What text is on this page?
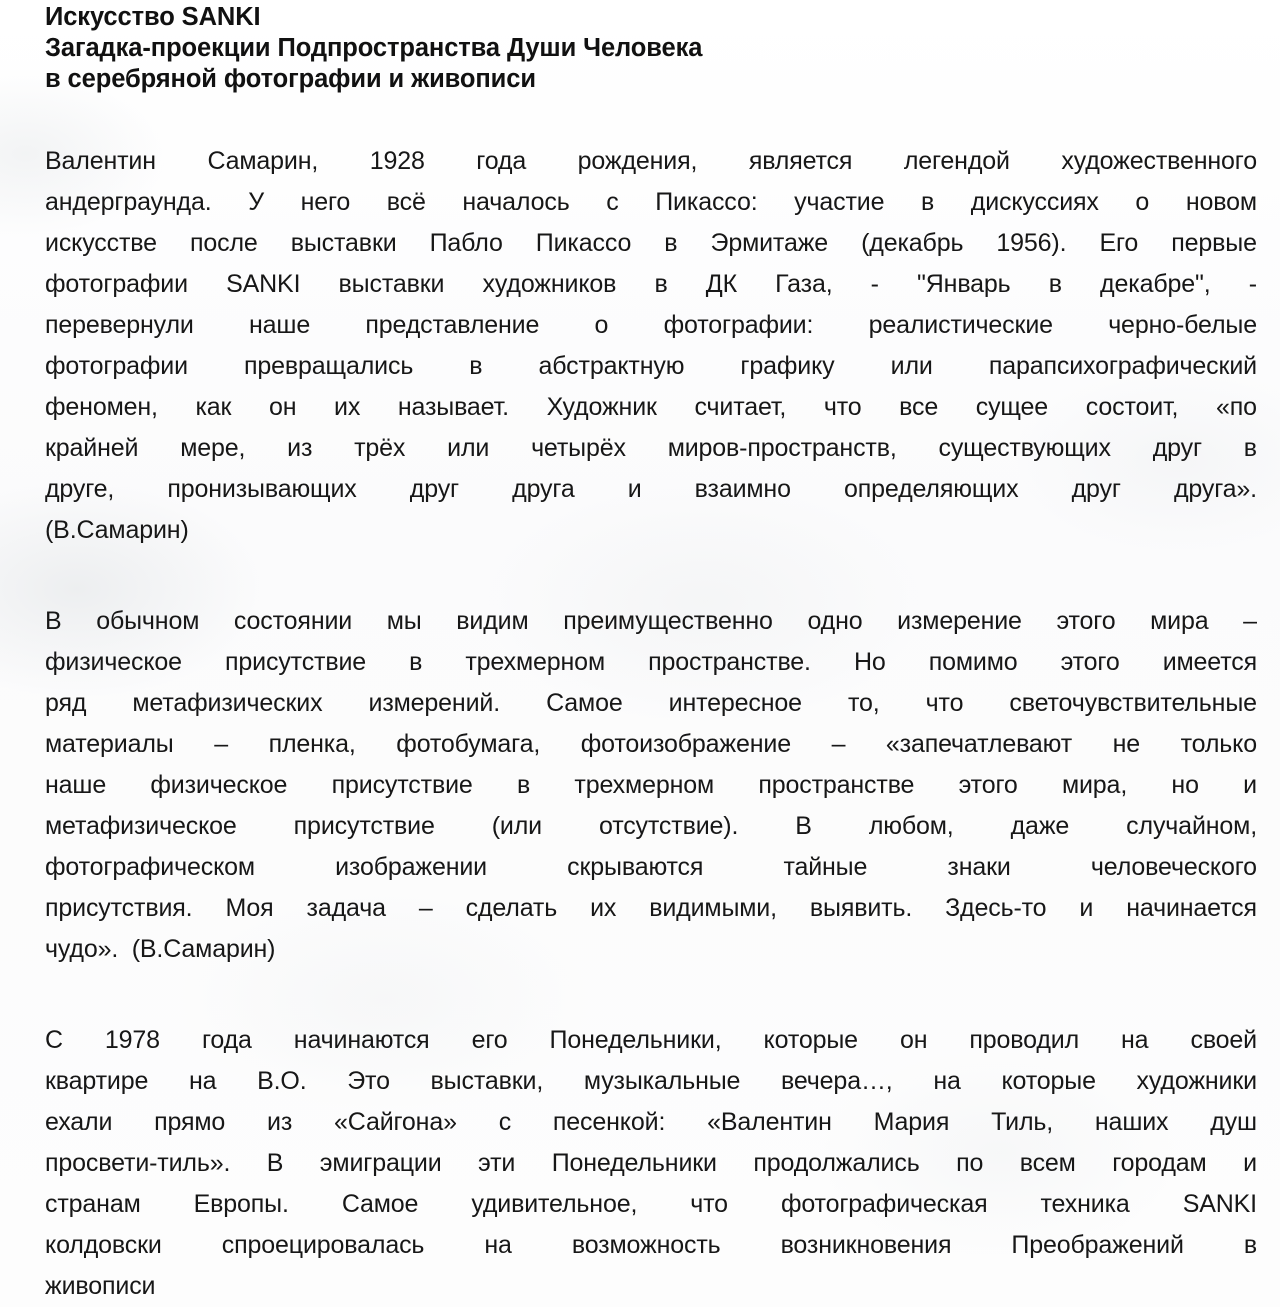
Искусство SANKI
Загадка-проекции Подпространства Души Человека
в серебряной фотографии и живописи
Валентин Самарин, 1928 года рождения, является легендой художественного
андерграунда. У него всё началось с Пикассо: участие в дискуссиях о новом
искусстве после выставки Пабло Пикассо в Эрмитаже (декабрь 1956). Его первые
фотографии SANKI выставки художников в ДК Газа, - "Январь в декабре", -
перевернули наше представление о фотографии: реалистические черно-белые
фотографии превращались в абстрактную графику или парапсихографический
феномен, как он их называет. Художник считает, что все сущее состоит, «по
крайней мере, из трёх или четырёх миров-пространств, существующих друг в
друге, пронизывающих друг друга и взаимно определяющих друг друга».
(В.Самарин)
В обычном состоянии мы видим преимущественно одно измерение этого мира –
физическое присутствие в трехмерном пространстве. Но помимо этого имеется
ряд метафизических измерений. Самое интересное то, что светочувствительные
материалы – пленка, фотобумага, фотоизображение – «запечатлевают не только
наше физическое присутствие в трехмерном пространстве этого мира, но и
метафизическое присутствие (или отсутствие). В любом, даже случайном,
фотографическом	изображении	скрываются	тайные	знаки	человеческого
присутствия. Моя задача – сделать их видимыми, выявить. Здесь-то и начинается
чудо».  (В.Самарин)
С 1978 года начинаются его Понедельники, которые он проводил на своей
квартире на В.О. Это выставки, музыкальные вечера…, на которые художники
ехали прямо из «Сайгона» с песенкой: «Валентин Мария Тиль, наших душ
просвети-тиль». В эмиграции эти Понедельники продолжались по всем городам и
странам Европы. Самое удивительное, что фотографическая техника SANKI
колдовски спроецировалась на возможность возникновения Преображений в
живописи
